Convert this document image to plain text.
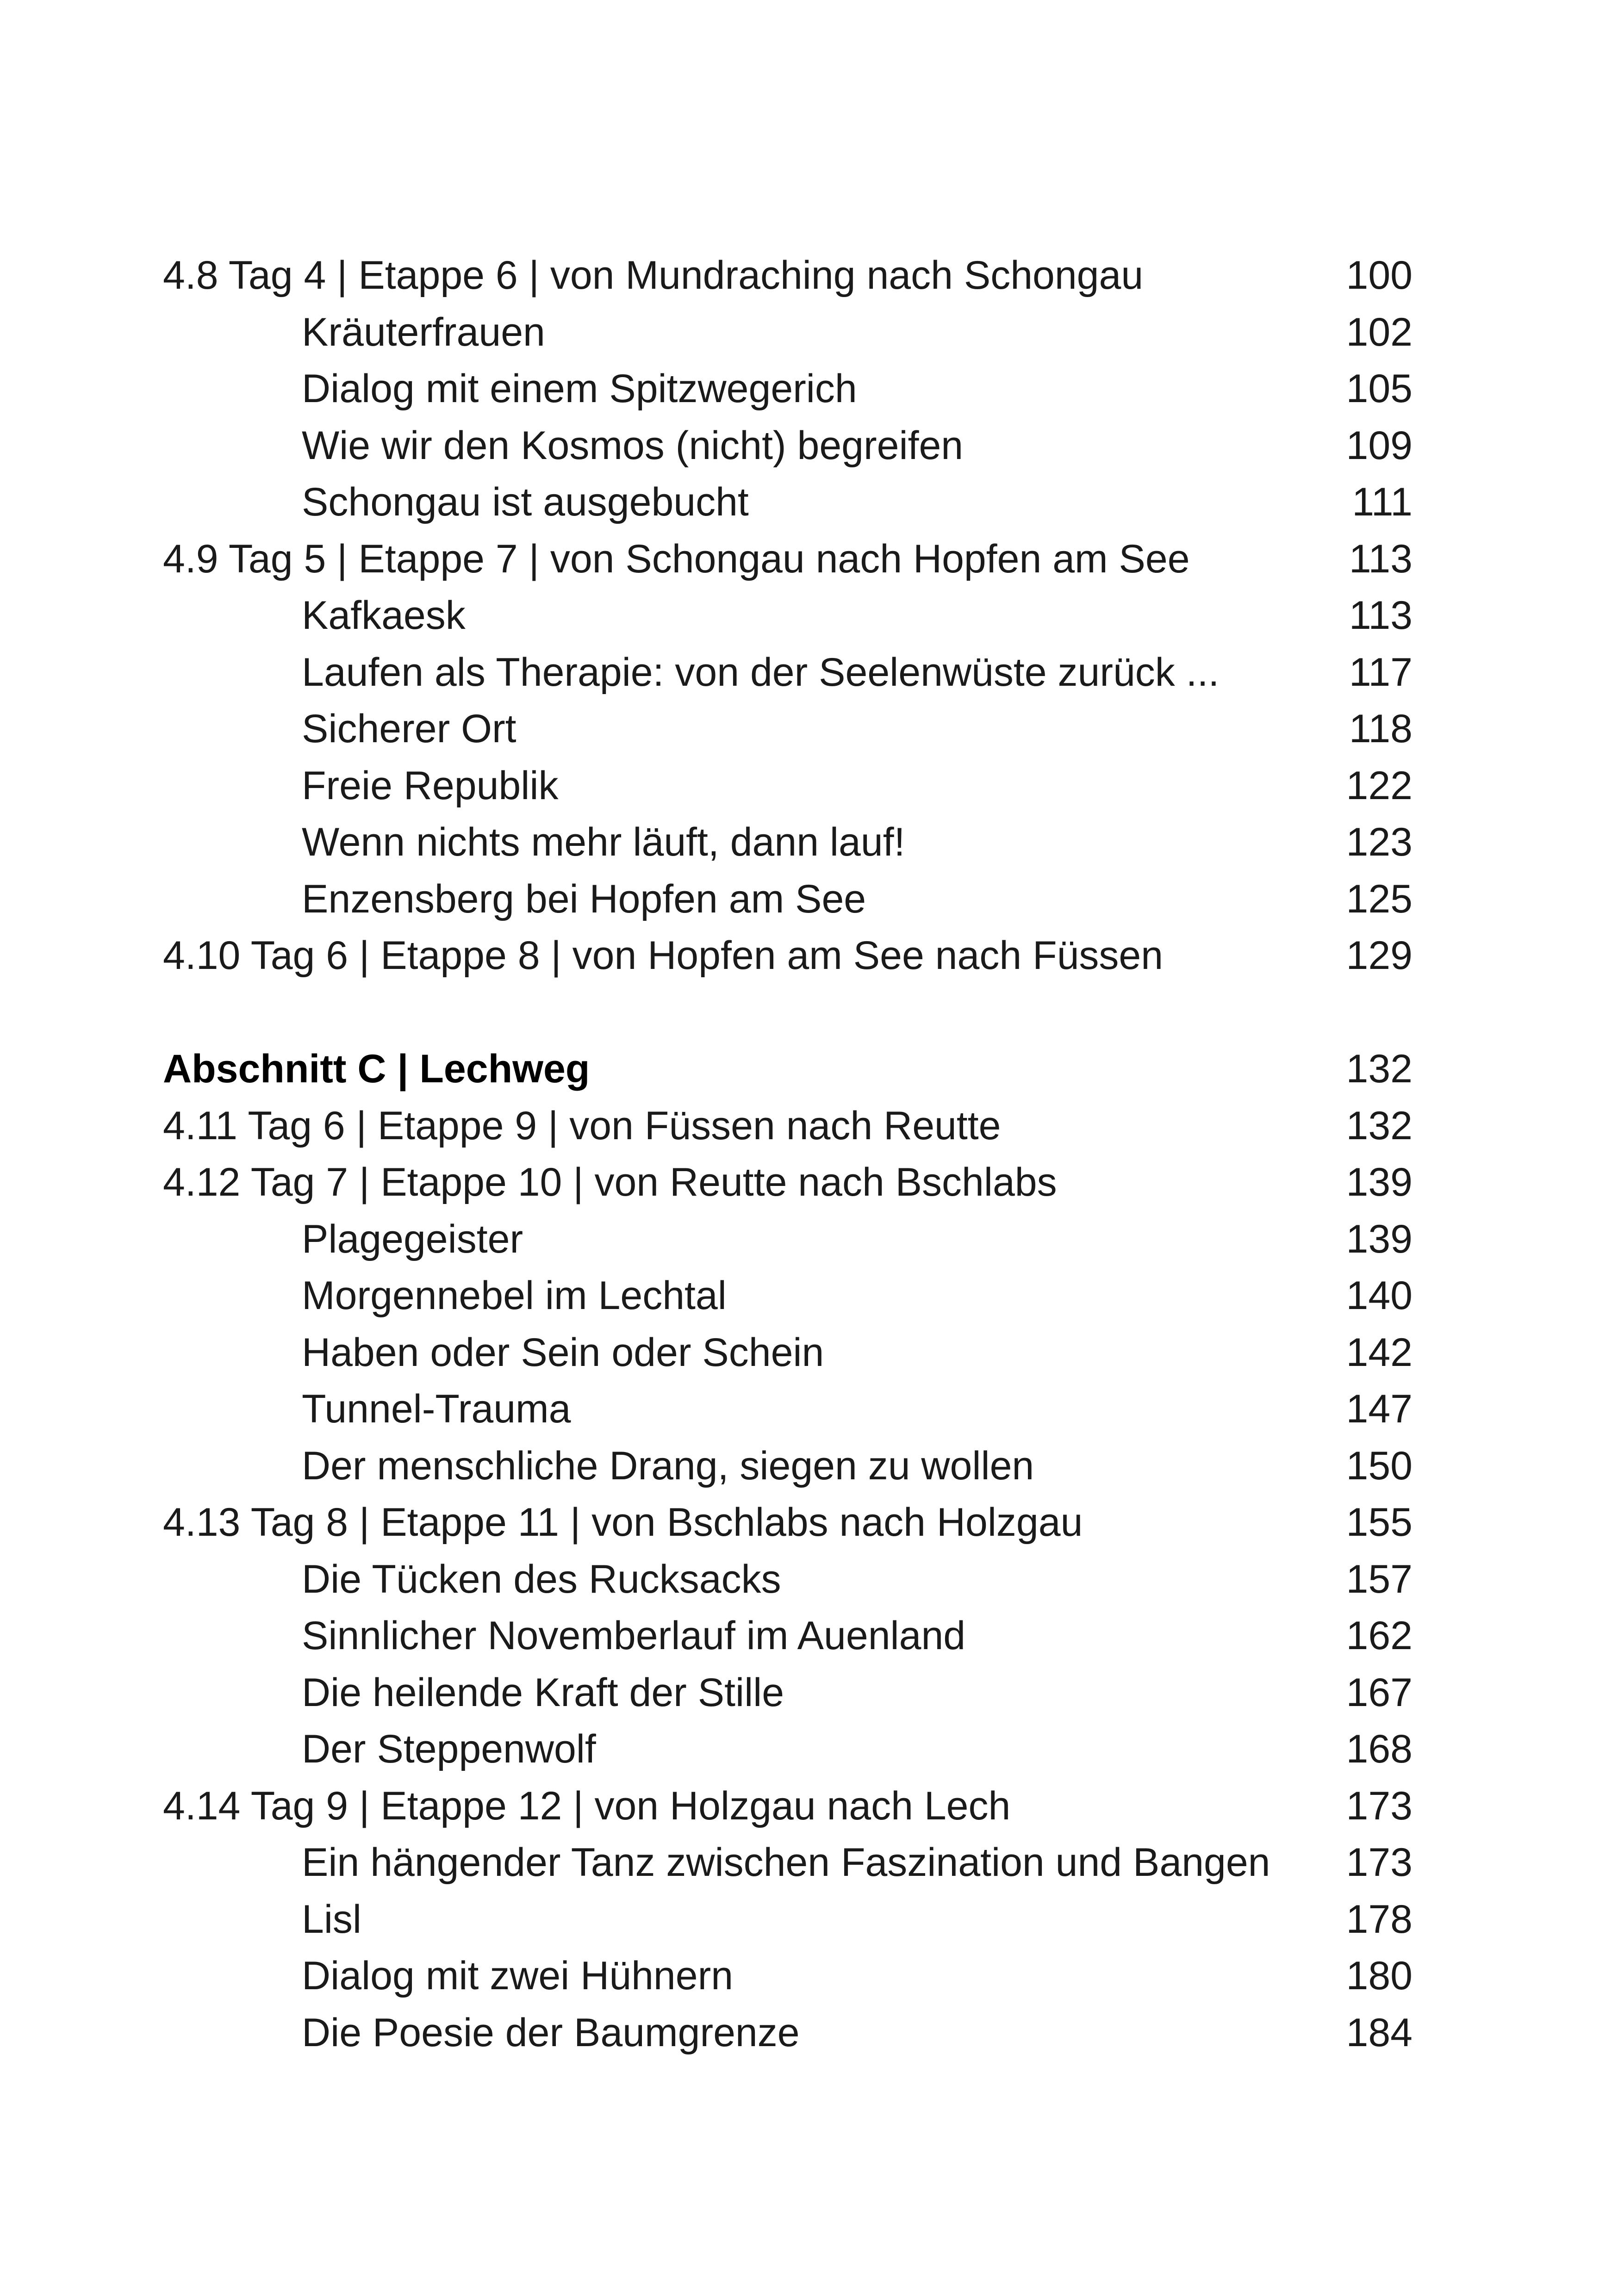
4.8 Tag 4 | Etappe 6 | von Mundraching nach Schongau	100
Kräuterfrauen	102
Dialog mit einem Spitzwegerich	105
Wie wir den Kosmos (nicht) begreifen	109
Schongau ist ausgebucht	111
4.9 Tag 5 | Etappe 7 | von Schongau nach Hopfen am See	113
Kafkaesk	113
Laufen als Therapie: von der Seelenwüste zurück ...	117
Sicherer Ort	118
Freie Republik	122
Wenn nichts mehr läuft, dann lauf!	123
Enzensberg bei Hopfen am See	125
4.10 Tag 6 | Etappe 8 | von Hopfen am See nach Füssen	129
Abschnitt C | Lechweg	132
4.11 Tag 6 | Etappe 9 | von Füssen nach Reutte	132
4.12 Tag 7 | Etappe 10 | von Reutte nach Bschlabs	139
Plagegeister	139
Morgennebel im Lechtal	140
Haben oder Sein oder Schein	142
Tunnel-Trauma	147
Der menschliche Drang, siegen zu wollen	150
4.13 Tag 8 | Etappe 11 | von Bschlabs nach Holzgau	155
Die Tücken des Rucksacks	157
Sinnlicher Novemberlauf im Auenland	162
Die heilende Kraft der Stille	167
Der Steppenwolf	168
4.14 Tag 9 | Etappe 12 | von Holzgau nach Lech	173
Ein hängender Tanz zwischen Faszination und Bangen 173
Lisl	178
Dialog mit zwei Hühnern	180
Die Poesie der Baumgrenze	184
